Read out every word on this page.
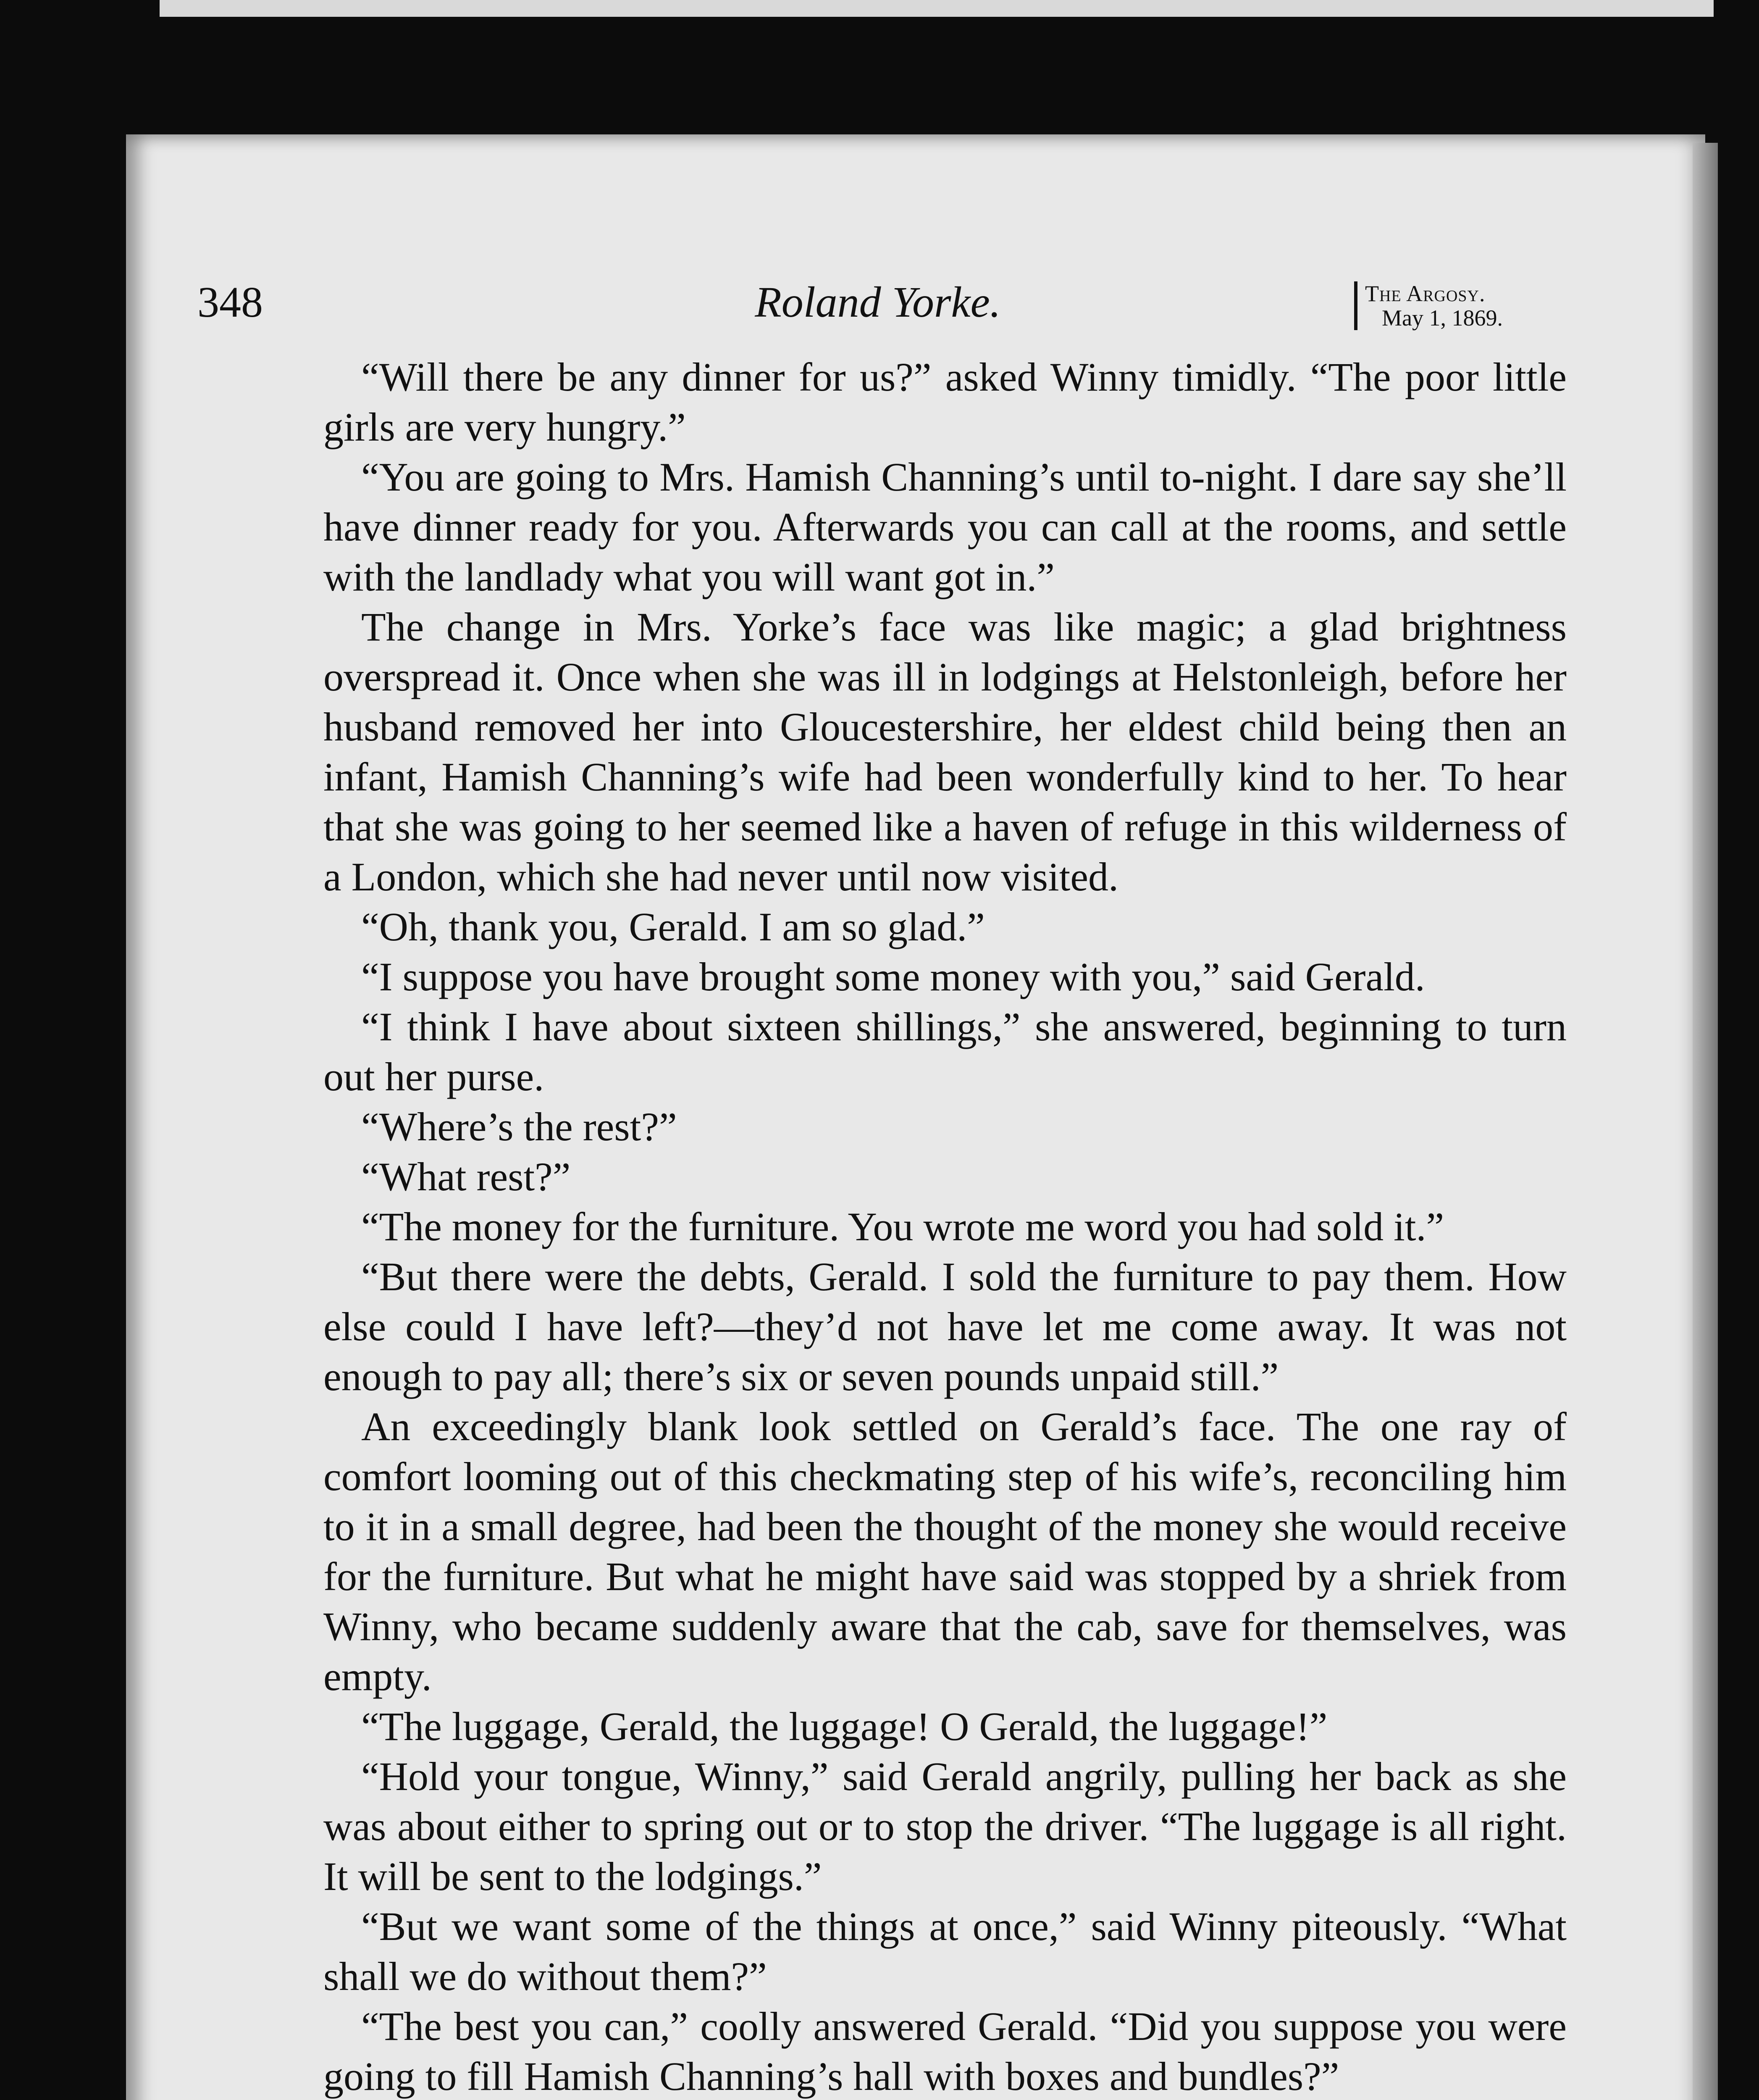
348	Roland Yorke.	The Argosy.
May 1, 1869.

“Will there be any dinner for us?” asked Winny timidly. “The poor little girls are very hungry.”

“You are going to Mrs. Hamish Channing’s until to-night. I dare say she’ll have dinner ready for you. Afterwards you can call at the rooms, and settle with the landlady what you will want got in.”

The change in Mrs. Yorke’s face was like magic; a glad brightness overspread it. Once when she was ill in lodgings at Helstonleigh, before her husband removed her into Gloucestershire, her eldest child being then an infant, Hamish Channing’s wife had been wonderfully kind to her. To hear that she was going to her seemed like a haven of refuge in this wilderness of a London, which she had never until now visited.

“Oh, thank you, Gerald. I am so glad.”

“I suppose you have brought some money with you,” said Gerald.

“I think I have about sixteen shillings,” she answered, beginning to turn out her purse.

“Where’s the rest?”

“What rest?”

“The money for the furniture. You wrote me word you had sold it.”

“But there were the debts, Gerald. I sold the furniture to pay them. How else could I have left?—they’d not have let me come away. It was not enough to pay all; there’s six or seven pounds unpaid still.”

An exceedingly blank look settled on Gerald’s face. The one ray of comfort looming out of this checkmating step of his wife’s, reconciling him to it in a small degree, had been the thought of the money she would receive for the furniture. But what he might have said was stopped by a shriek from Winny, who became suddenly aware that the cab, save for themselves, was empty.

“The luggage, Gerald, the luggage! O Gerald, the luggage!”

“Hold your tongue, Winny,” said Gerald angrily, pulling her back as she was about either to spring out or to stop the driver. “The luggage is all right. It will be sent to the lodgings.”

“But we want some of the things at once,” said Winny piteously. “What shall we do without them?”

“The best you can,” coolly answered Gerald. “Did you suppose you were going to fill Hamish Channing’s hall with boxes and bundles?”
